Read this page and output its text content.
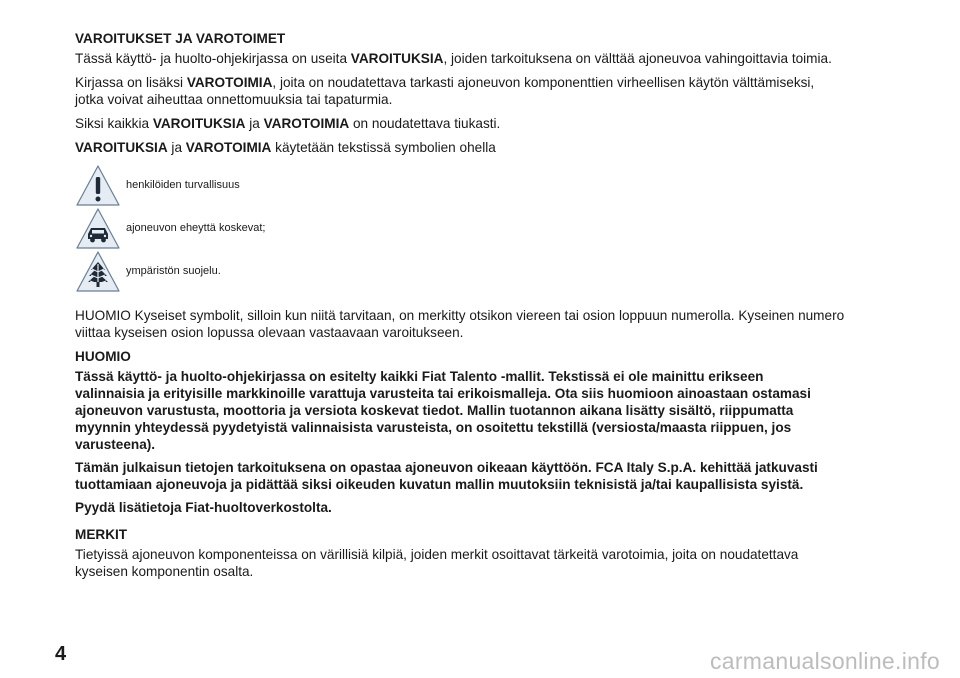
VAROITUKSET JA VAROTOIMET

Tässä käyttö- ja huolto-ohjekirjassa on useita VAROITUKSIA, joiden tarkoituksena on välttää ajoneuvoa vahingoittavia toimia.

Kirjassa on lisäksi VAROTOIMIA, joita on noudatettava tarkasti ajoneuvon komponenttien virheellisen käytön välttämiseksi,
jotka voivat aiheuttaa onnettomuuksia tai tapaturmia.

Siksi kaikkia VAROITUKSIA ja VAROTOIMIA on noudatettava tiukasti.

VAROITUKSIA ja VAROTOIMIA käytetään tekstissä symbolien ohella

henkilöiden turvallisuus
ajoneuvon eheyttä koskevat;
ympäristön suojelu.

HUOMIO Kyseiset symbolit, silloin kun niitä tarvitaan, on merkitty otsikon viereen tai osion loppuun numerolla. Kyseinen numero
viittaa kyseisen osion lopussa olevaan vastaavaan varoitukseen.

HUOMIO

Tässä käyttö- ja huolto-ohjekirjassa on esitelty kaikki Fiat Talento -mallit. Tekstissä ei ole mainittu erikseen
valinnaisia ja erityisille markkinoille varattuja varusteita tai erikoismalleja. Ota siis huomioon ainoastaan ostamasi
ajoneuvon varustusta, moottoria ja versiota koskevat tiedot. Mallin tuotannon aikana lisätty sisältö, riippumatta
myynnin yhteydessä pyydetyistä valinnaisista varusteista, on osoitettu tekstillä (versiosta/maasta riippuen, jos
varusteena).

Tämän julkaisun tietojen tarkoituksena on opastaa ajoneuvon oikeaan käyttöön. FCA Italy S.p.A. kehittää jatkuvasti
tuottamiaan ajoneuvoja ja pidättää siksi oikeuden kuvatun mallin muutoksiin teknisistä ja/tai kaupallisista syistä.

Pyydä lisätietoja Fiat-huoltoverkostolta.

MERKIT

Tietyissä ajoneuvon komponenteissa on värillisiä kilpiä, joiden merkit osoittavat tärkeitä varotoimia, joita on noudatettava
kyseisen komponentin osalta.

4	carmanualsonline.info
